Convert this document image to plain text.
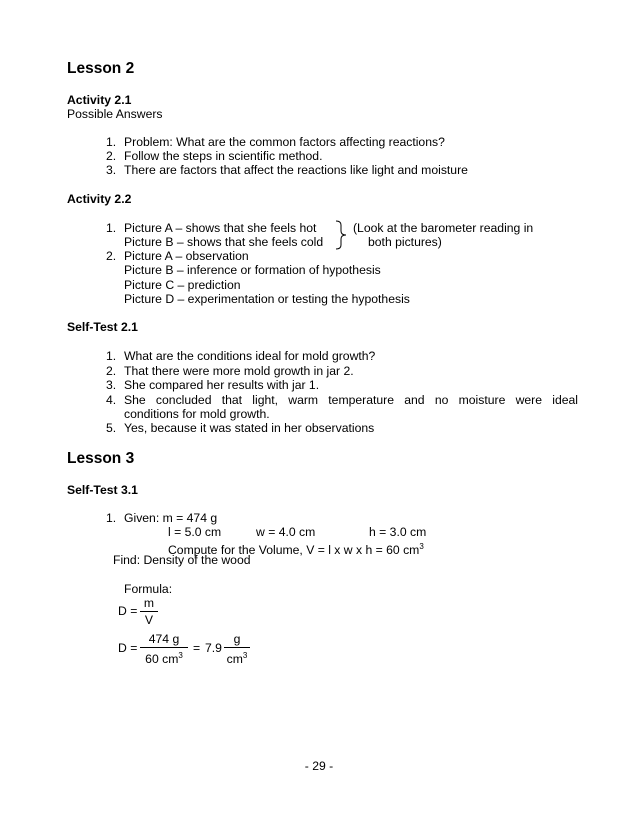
Lesson 2
Activity 2.1
Possible Answers
1. Problem: What are the common factors affecting reactions?
2. Follow the steps in scientific method.
3. There are factors that affect the reactions like light and moisture
Activity 2.2
1. Picture A – shows that she feels hot
Picture B – shows that she feels cold
(Look at the barometer reading in
both pictures)
2. Picture A – observation
Picture B – inference or formation of hypothesis
Picture C – prediction
Picture D – experimentation or testing the hypothesis
Self-Test 2.1
1. What are the conditions ideal for mold growth?
2. That there were more mold growth in jar 2.
3. She compared her results with jar 1.
4. She concluded that light, warm temperature and no moisture were ideal
conditions for mold growth.
5. Yes, because it was stated in her observations
Lesson 3
Self-Test 3.1
1. Given: m = 474 g
l = 5.0 cm	w = 4.0 cm	h = 3.0 cm
Compute for the Volume, V = l x w x h = 60 $cm^3$
Find: Density of the wood
Formula:
D =
m
V
D =
474 g
60 $cm^3$
= 7.9
g
$cm^3$
- 29 -
